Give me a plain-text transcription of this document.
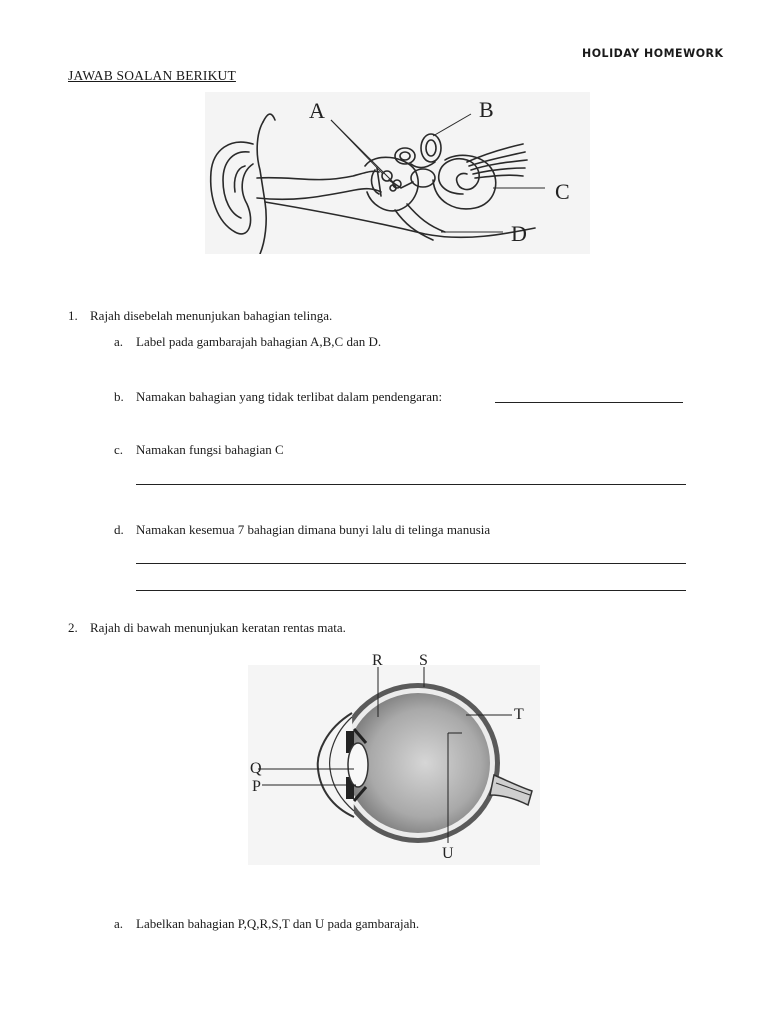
HOLIDAY HOMEWORK
JAWAB SOALAN BERIKUT
A	B
C
D
1. Rajah disebelah menunjukan bahagian telinga.
a. Label pada gambarajah bahagian A,B,C dan D.
b. Namakan bahagian yang tidak terlibat dalam pendengaran:
c. Namakan fungsi bahagian C
d. Namakan kesemua 7 bahagian dimana bunyi lalu di telinga manusia
2. Rajah di bawah menunjukan keratan rentas mata.
R S
T
Q
P
U
a. Labelkan bahagian P,Q,R,S,T dan U pada gambarajah.
